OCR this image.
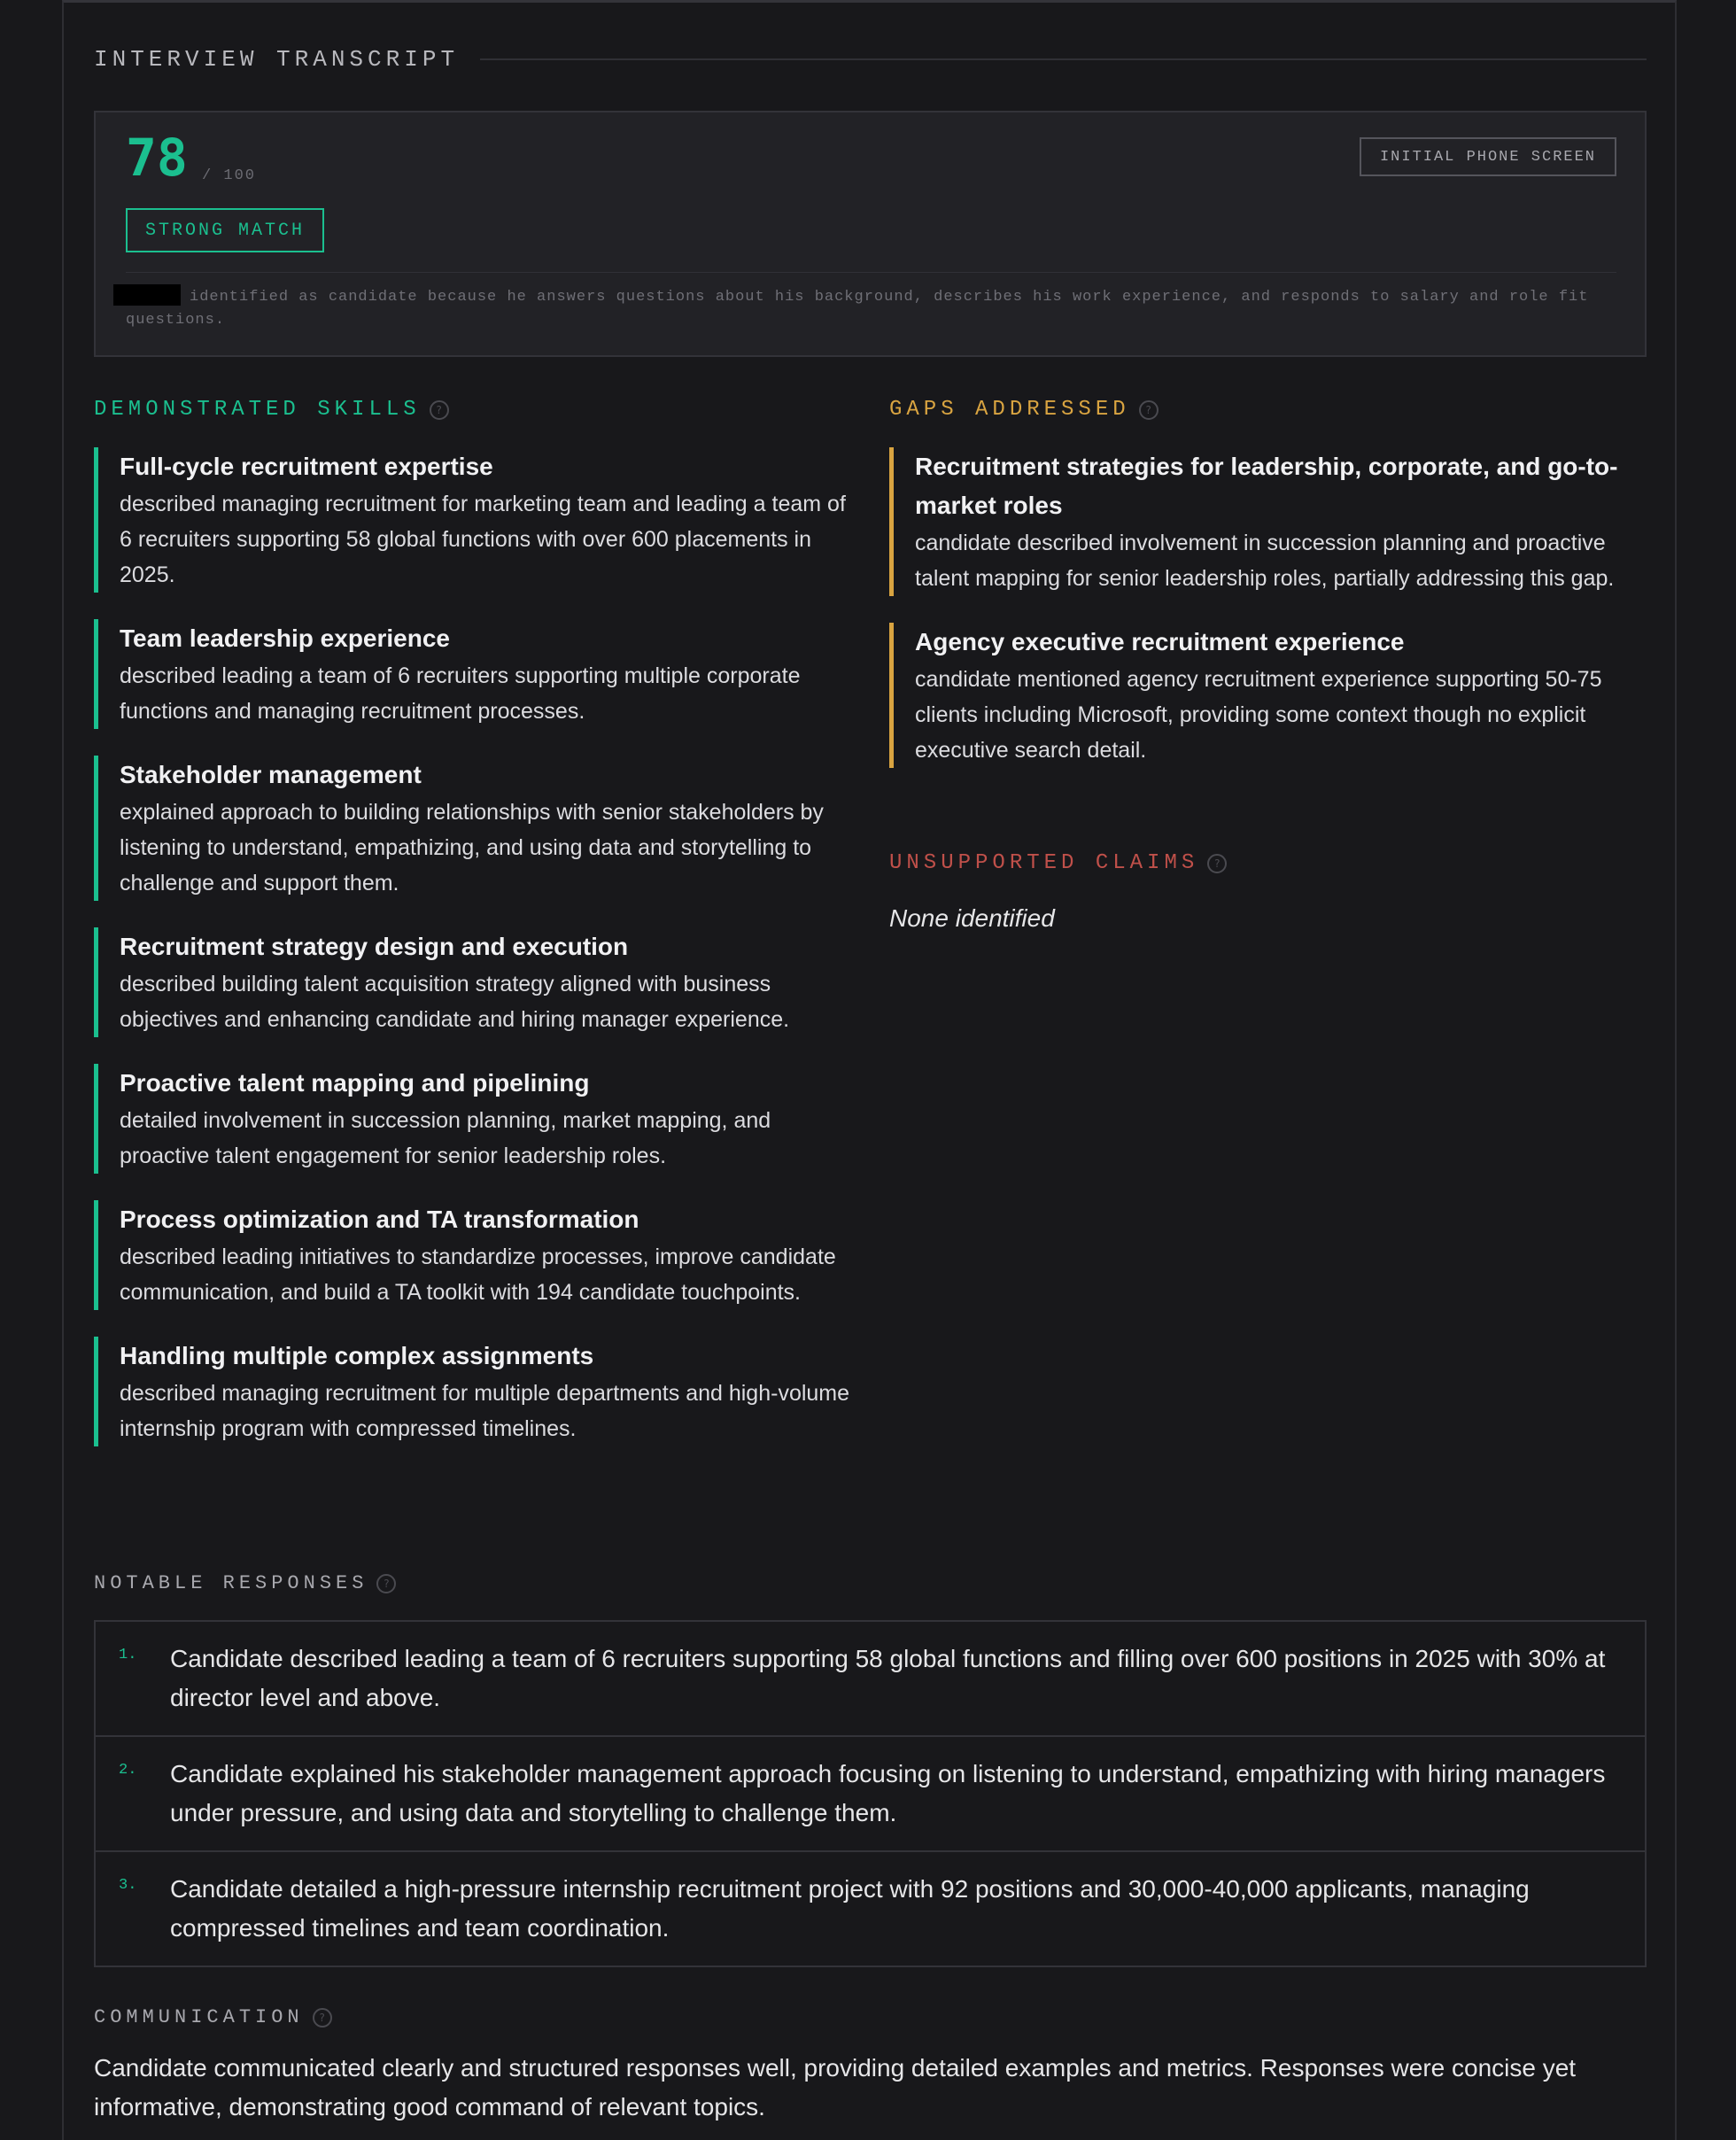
INTERVIEW TRANSCRIPT
78 / 100
STRONG MATCH
INITIAL PHONE SCREEN
identified as candidate because he answers questions about his background, describes his work experience, and responds to salary and role fit questions.
DEMONSTRATED SKILLS	?
Full-cycle recruitment expertise
described managing recruitment for marketing team and leading a team of 6 recruiters supporting 58 global functions with over 600 placements in 2025.
Team leadership experience
described leading a team of 6 recruiters supporting multiple corporate functions and managing recruitment processes.
Stakeholder management
explained approach to building relationships with senior stakeholders by listening to understand, empathizing, and using data and storytelling to challenge and support them.
Recruitment strategy design and execution
described building talent acquisition strategy aligned with business objectives and enhancing candidate and hiring manager experience.
Proactive talent mapping and pipelining
detailed involvement in succession planning, market mapping, and proactive talent engagement for senior leadership roles.
Process optimization and TA transformation
described leading initiatives to standardize processes, improve candidate communication, and build a TA toolkit with 194 candidate touchpoints.
Handling multiple complex assignments
described managing recruitment for multiple departments and high-volume internship program with compressed timelines.
GAPS ADDRESSED	?
Recruitment strategies for leadership, corporate, and go-to-market roles
candidate described involvement in succession planning and proactive talent mapping for senior leadership roles, partially addressing this gap.
Agency executive recruitment experience
candidate mentioned agency recruitment experience supporting 50-75 clients including Microsoft, providing some context though no explicit executive search detail.
UNSUPPORTED CLAIMS	?
None identified
NOTABLE RESPONSES	?
1. Candidate described leading a team of 6 recruiters supporting 58 global functions and filling over 600 positions in 2025 with 30% at director level and above.
2. Candidate explained his stakeholder management approach focusing on listening to understand, empathizing with hiring managers under pressure, and using data and storytelling to challenge them.
3. Candidate detailed a high-pressure internship recruitment project with 92 positions and 30,000-40,000 applicants, managing compressed timelines and team coordination.
COMMUNICATION	?
Candidate communicated clearly and structured responses well, providing detailed examples and metrics. Responses were concise yet informative, demonstrating good command of relevant topics.
